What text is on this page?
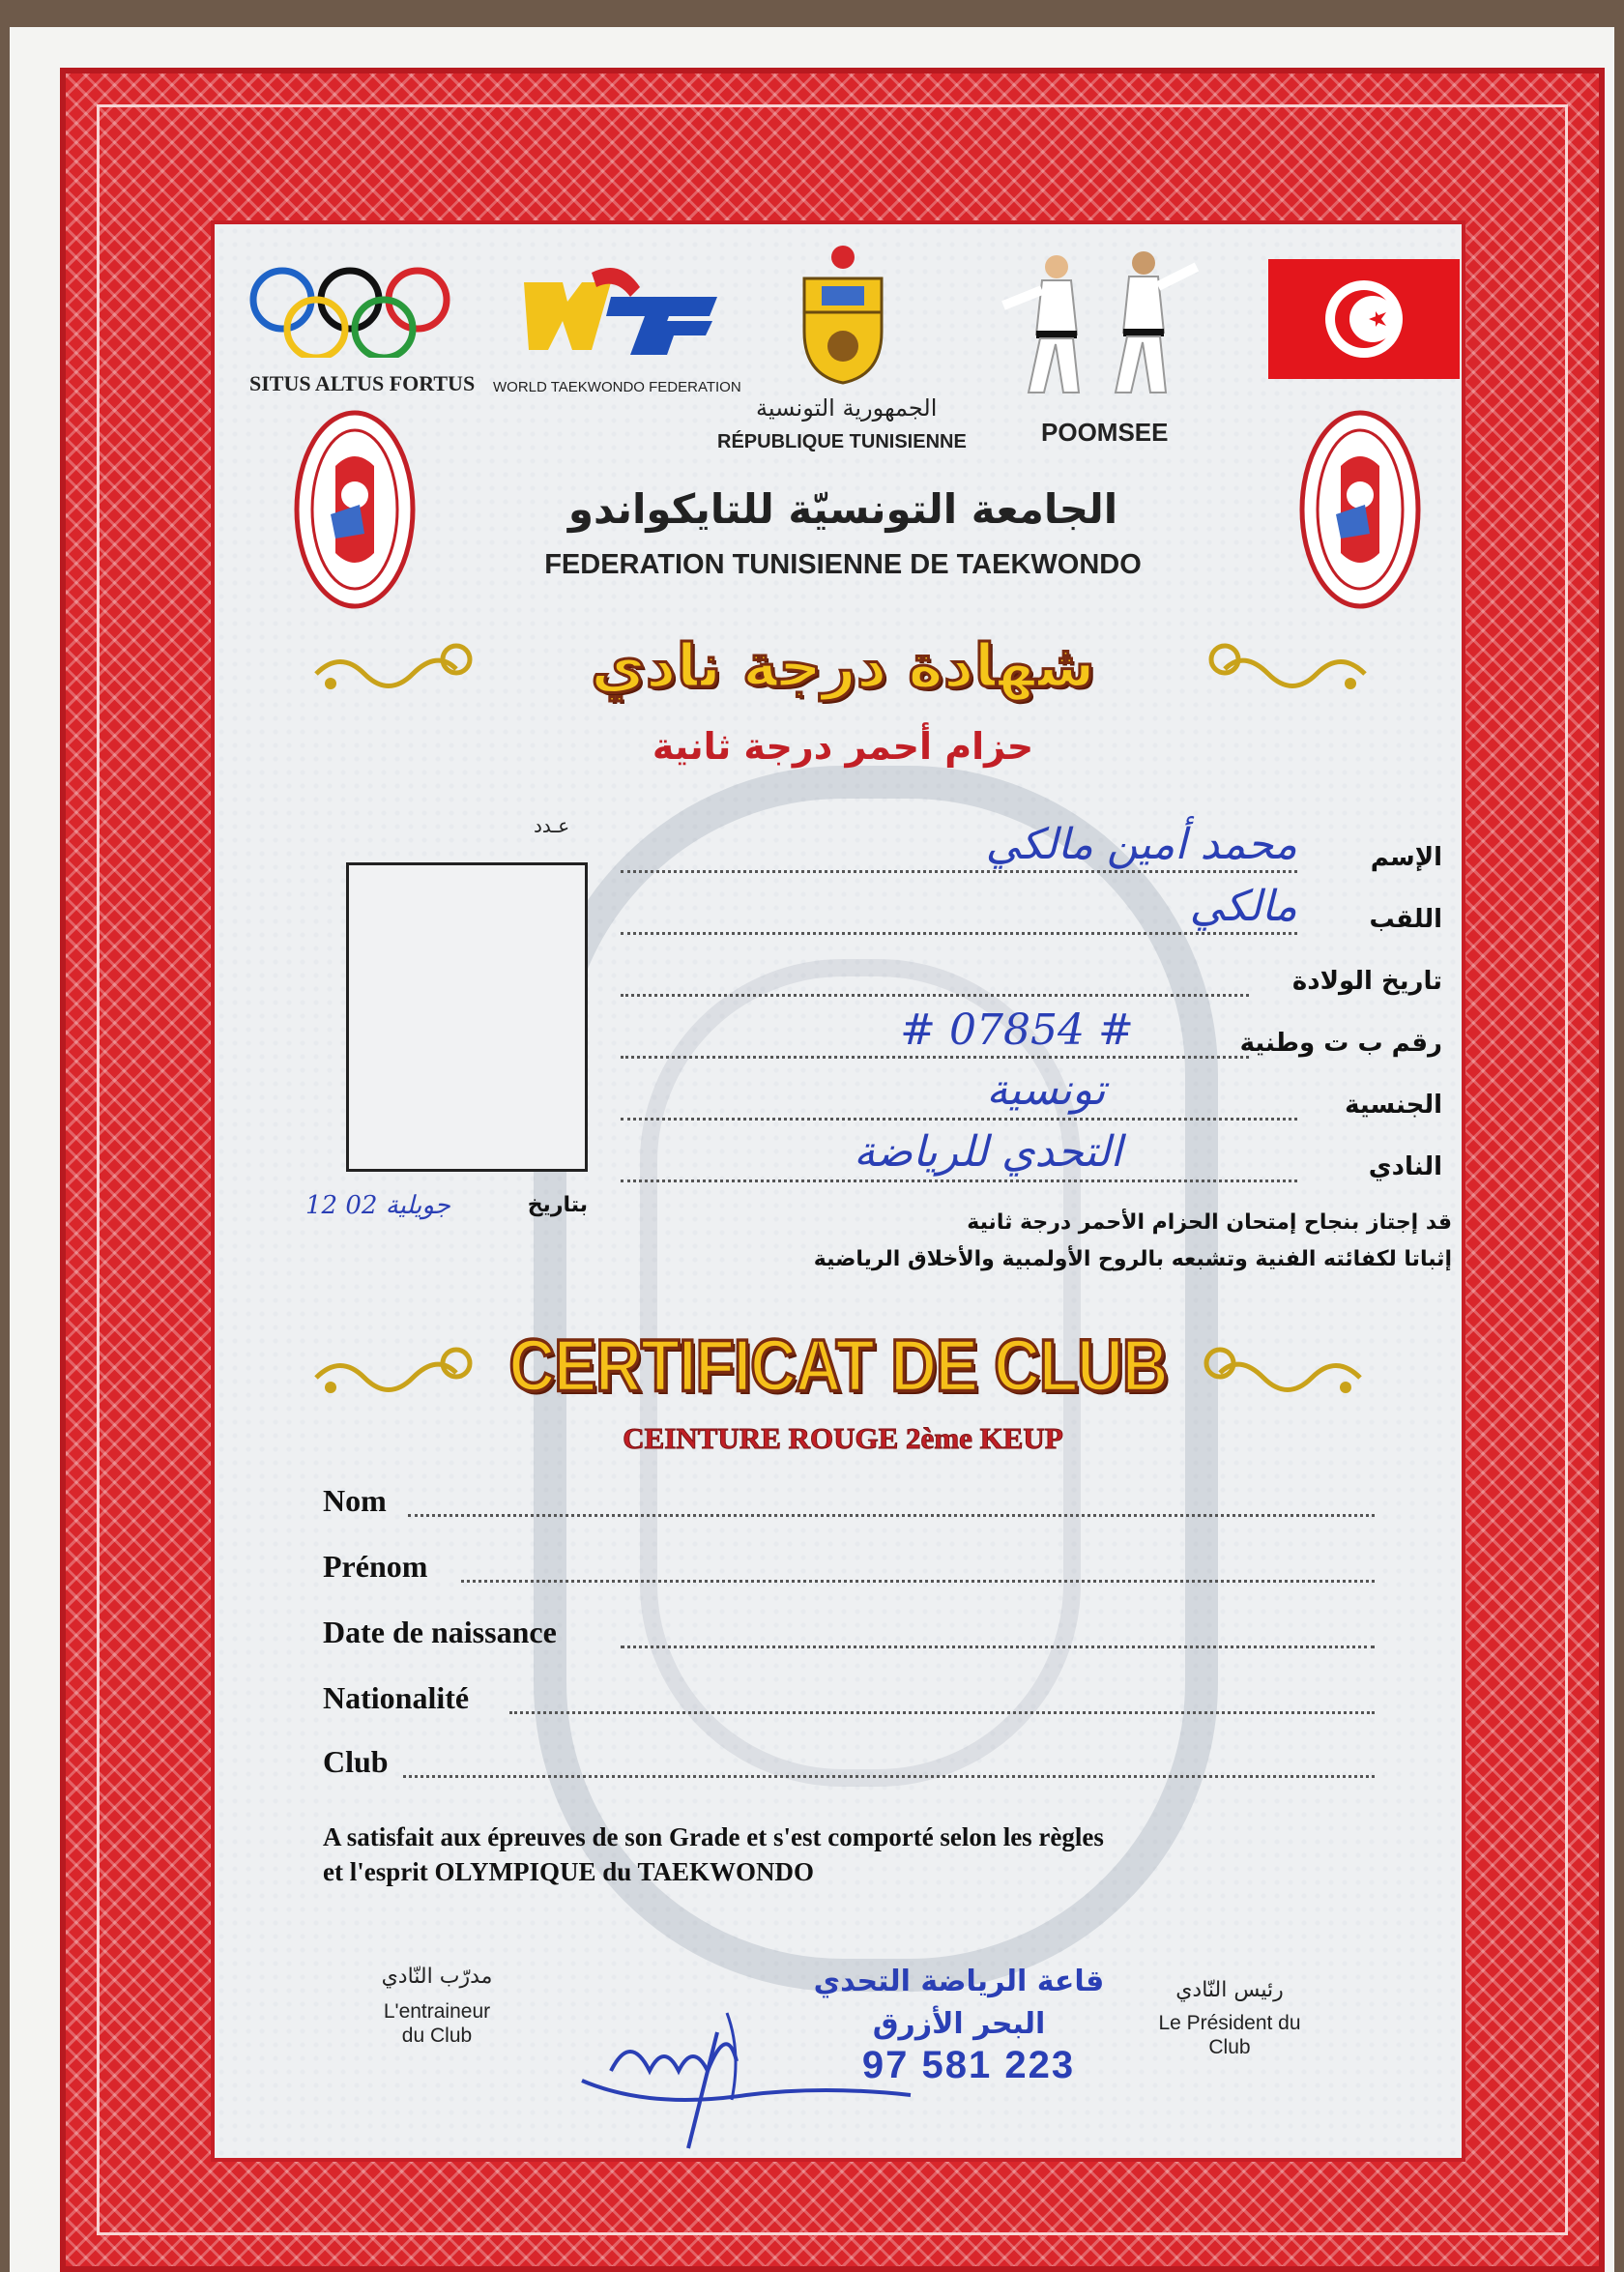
SITUS ALTUS FORTUS WORLD TAEKWONDO FEDERATION
الجمهورية التونسية
RÉPUBLIQUE TUNISIENNE	POOMSEE
الجامعة التونسيّة للتايكواندو
FEDERATION TUNISIENNE DE TAEKWONDO
شهادة درجة نادي
حزام أحمر درجة ثانية
عـدد
12 جويلية 02	بتاريخ
الإسم
محمد أمين مالكي
اللقب
مالكي
تاريخ الولادة
رقم ب ت وطنية
# 07854 #
الجنسية
تونسية
النادي
التحدي للرياضة
قد إجتاز بنجاح إمتحان الحزام الأحمر درجة ثانية
إثباتا لكفائته الفنية وتشبعه بالروح الأولمبية والأخلاق الرياضية
CERTIFICAT DE CLUB
CEINTURE ROUGE 2ème KEUP
Nom
Prénom
Date de naissance
Nationalité
Club
A satisfait aux épreuves de son Grade et s'est comporté selon les règles
et l'esprit OLYMPIQUE du TAEKWONDO
مدرّب النّادي
L'entraineur
du Club
رئيس النّادي
Le Président du
Club
قاعة الرياضة التحدي
البحر الأزرق
97 581 223
